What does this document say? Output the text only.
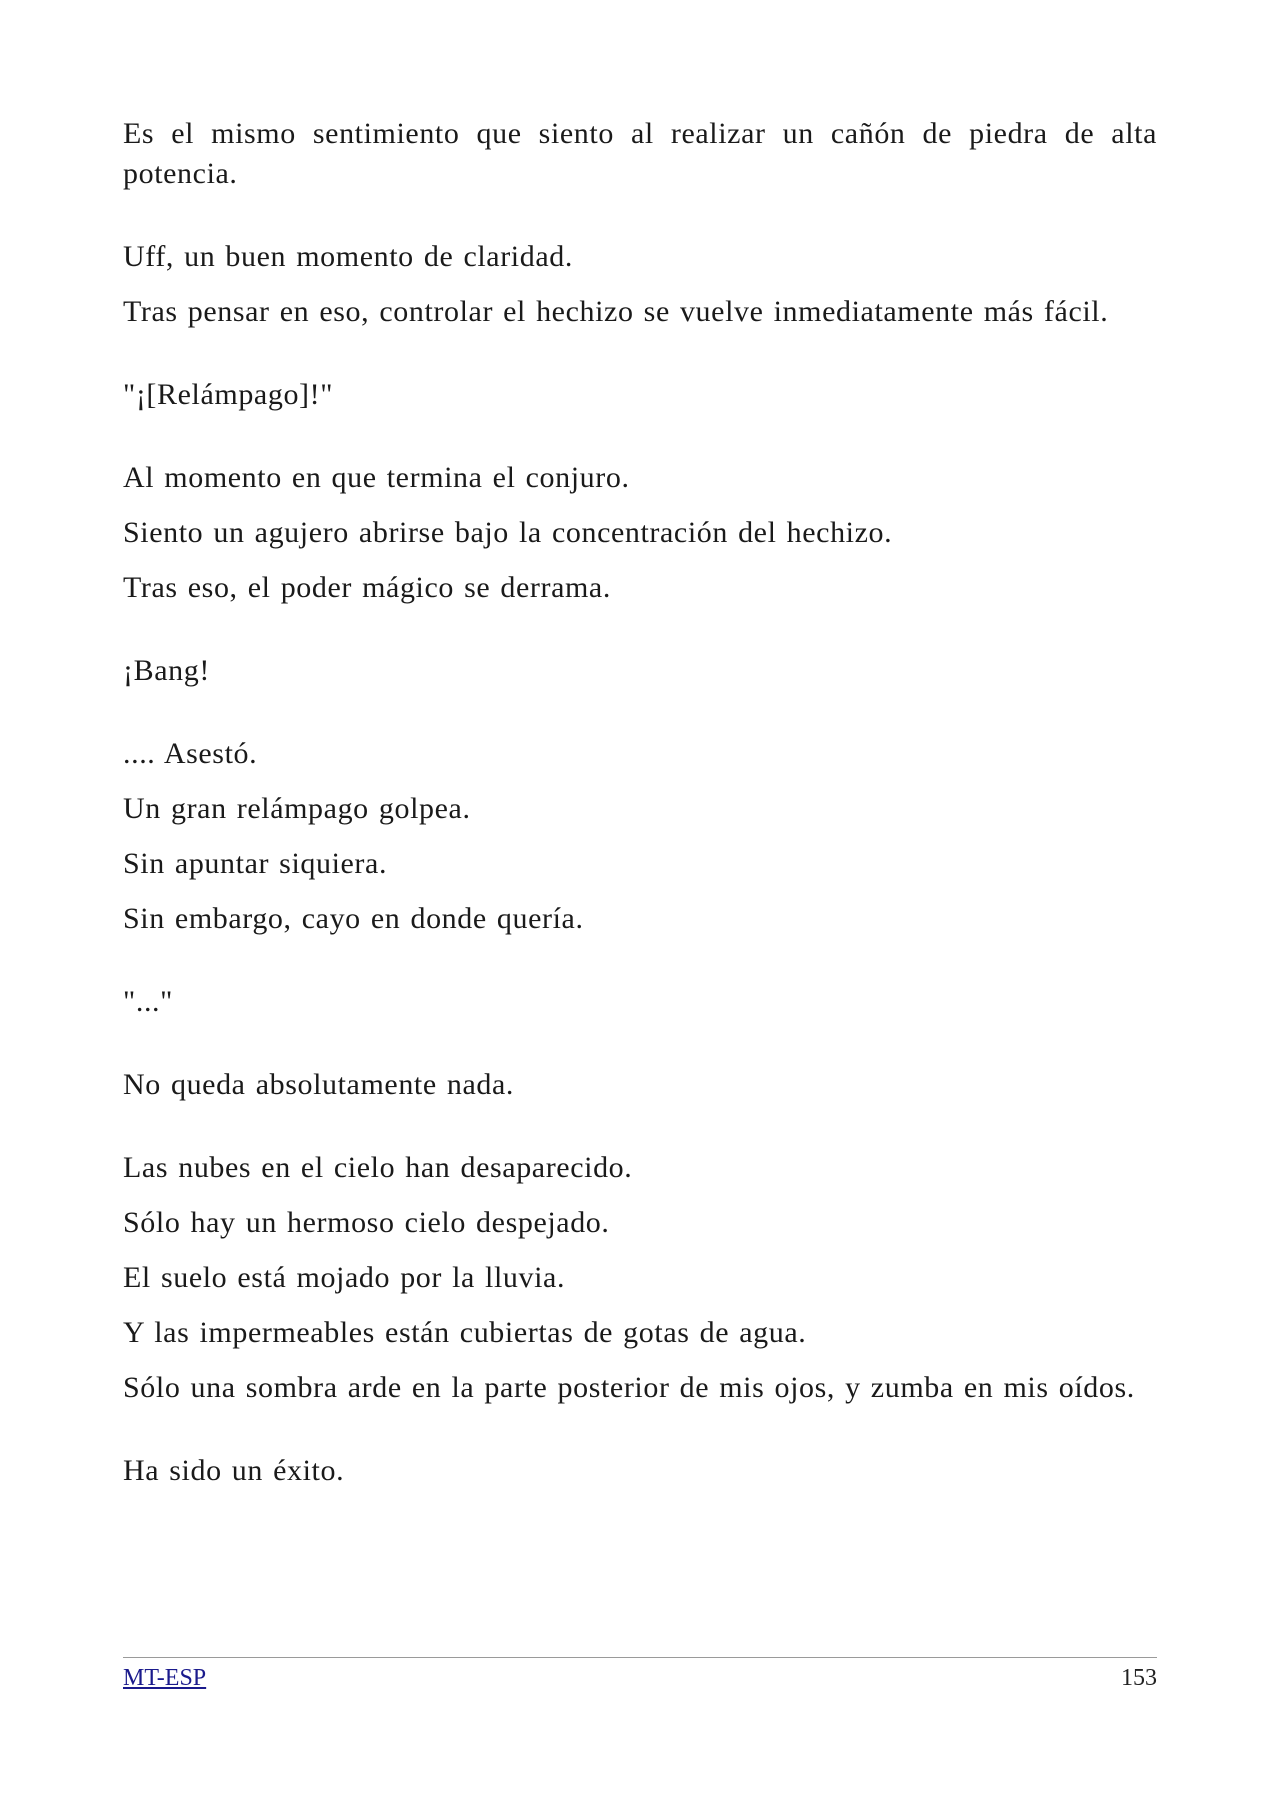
Es el mismo sentimiento que siento al realizar un cañón de piedra de alta potencia.

Uff, un buen momento de claridad.

Tras pensar en eso, controlar el hechizo se vuelve inmediatamente más fácil.

"¡[Relámpago]!"

Al momento en que termina el conjuro.

Siento un agujero abrirse bajo la concentración del hechizo.

Tras eso, el poder mágico se derrama.

¡Bang!

.... Asestó.

Un gran relámpago golpea.

Sin apuntar siquiera.

Sin embargo, cayo en donde quería.

"..."

No queda absolutamente nada.

Las nubes en el cielo han desaparecido.

Sólo hay un hermoso cielo despejado.

El suelo está mojado por la lluvia.

Y las impermeables están cubiertas de gotas de agua.

Sólo una sombra arde en la parte posterior de mis ojos, y zumba en mis oídos.

Ha sido un éxito.

MT-ESP	153
